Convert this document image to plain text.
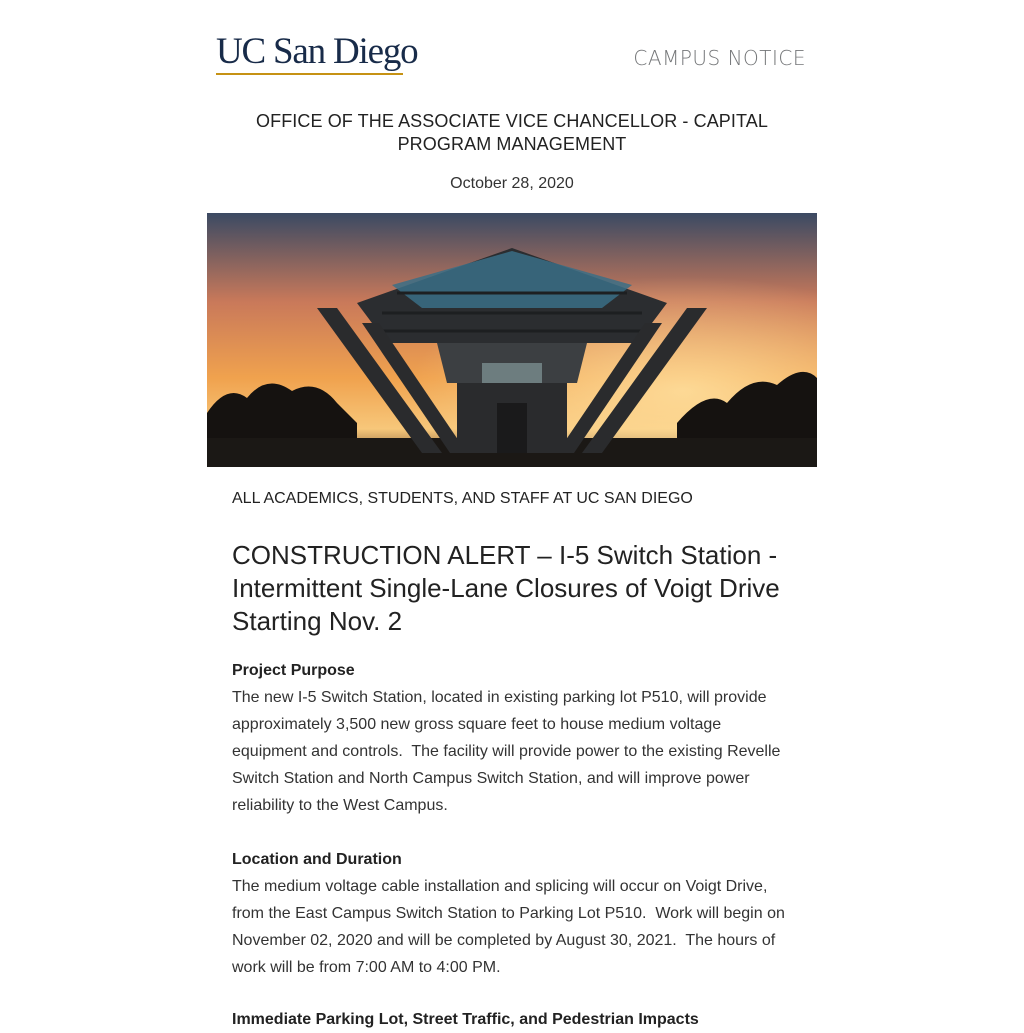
UC San Diego	CAMPUS NOTICE
OFFICE OF THE ASSOCIATE VICE CHANCELLOR - CAPITAL PROGRAM MANAGEMENT
October 28, 2020
ALL ACADEMICS, STUDENTS, AND STAFF AT UC SAN DIEGO
CONSTRUCTION ALERT – I-5 Switch Station - Intermittent Single-Lane Closures of Voigt Drive Starting Nov. 2
Project Purpose
The new I-5 Switch Station, located in existing parking lot P510, will provide approximately 3,500 new gross square feet to house medium voltage equipment and controls.  The facility will provide power to the existing Revelle Switch Station and North Campus Switch Station, and will improve power reliability to the West Campus.
Location and Duration
The medium voltage cable installation and splicing will occur on Voigt Drive, from the East Campus Switch Station to Parking Lot P510.  Work will begin on November 02, 2020 and will be completed by August 30, 2021.  The hours of work will be from 7:00 AM to 4:00 PM.
Immediate Parking Lot, Street Traffic, and Pedestrian Impacts
